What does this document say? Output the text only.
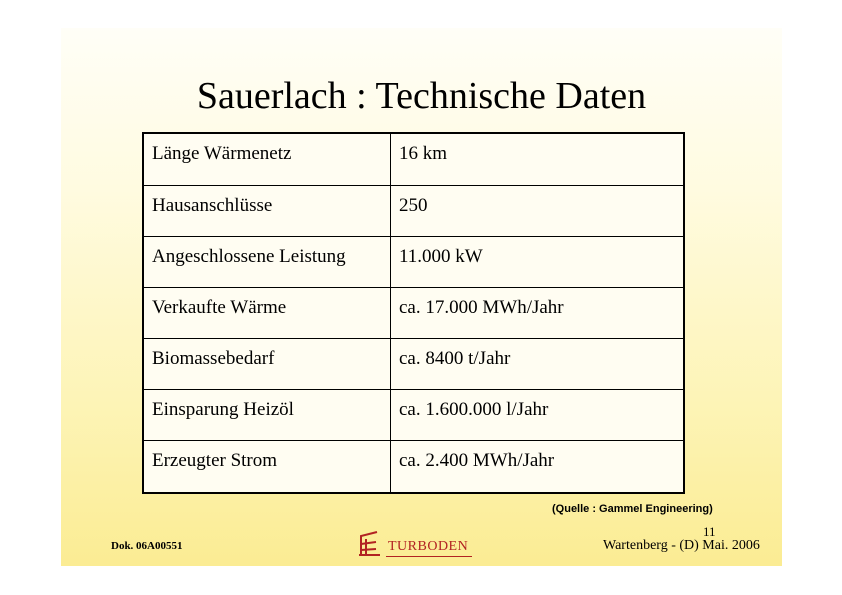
Sauerlach : Technische Daten
Länge Wärmenetz	16 km
Hausanschlüsse	250
Angeschlossene Leistung	11.000 kW
Verkaufte Wärme	ca. 17.000 MWh/Jahr
Biomassebedarf	ca. 8400 t/Jahr
Einsparung Heizöl	ca. 1.600.000 l/Jahr
Erzeugter Strom	ca. 2.400 MWh/Jahr
(Quelle : Gammel Engineering)
11
Dok. 06A00551	TURBODEN	Wartenberg - (D) Mai. 2006
